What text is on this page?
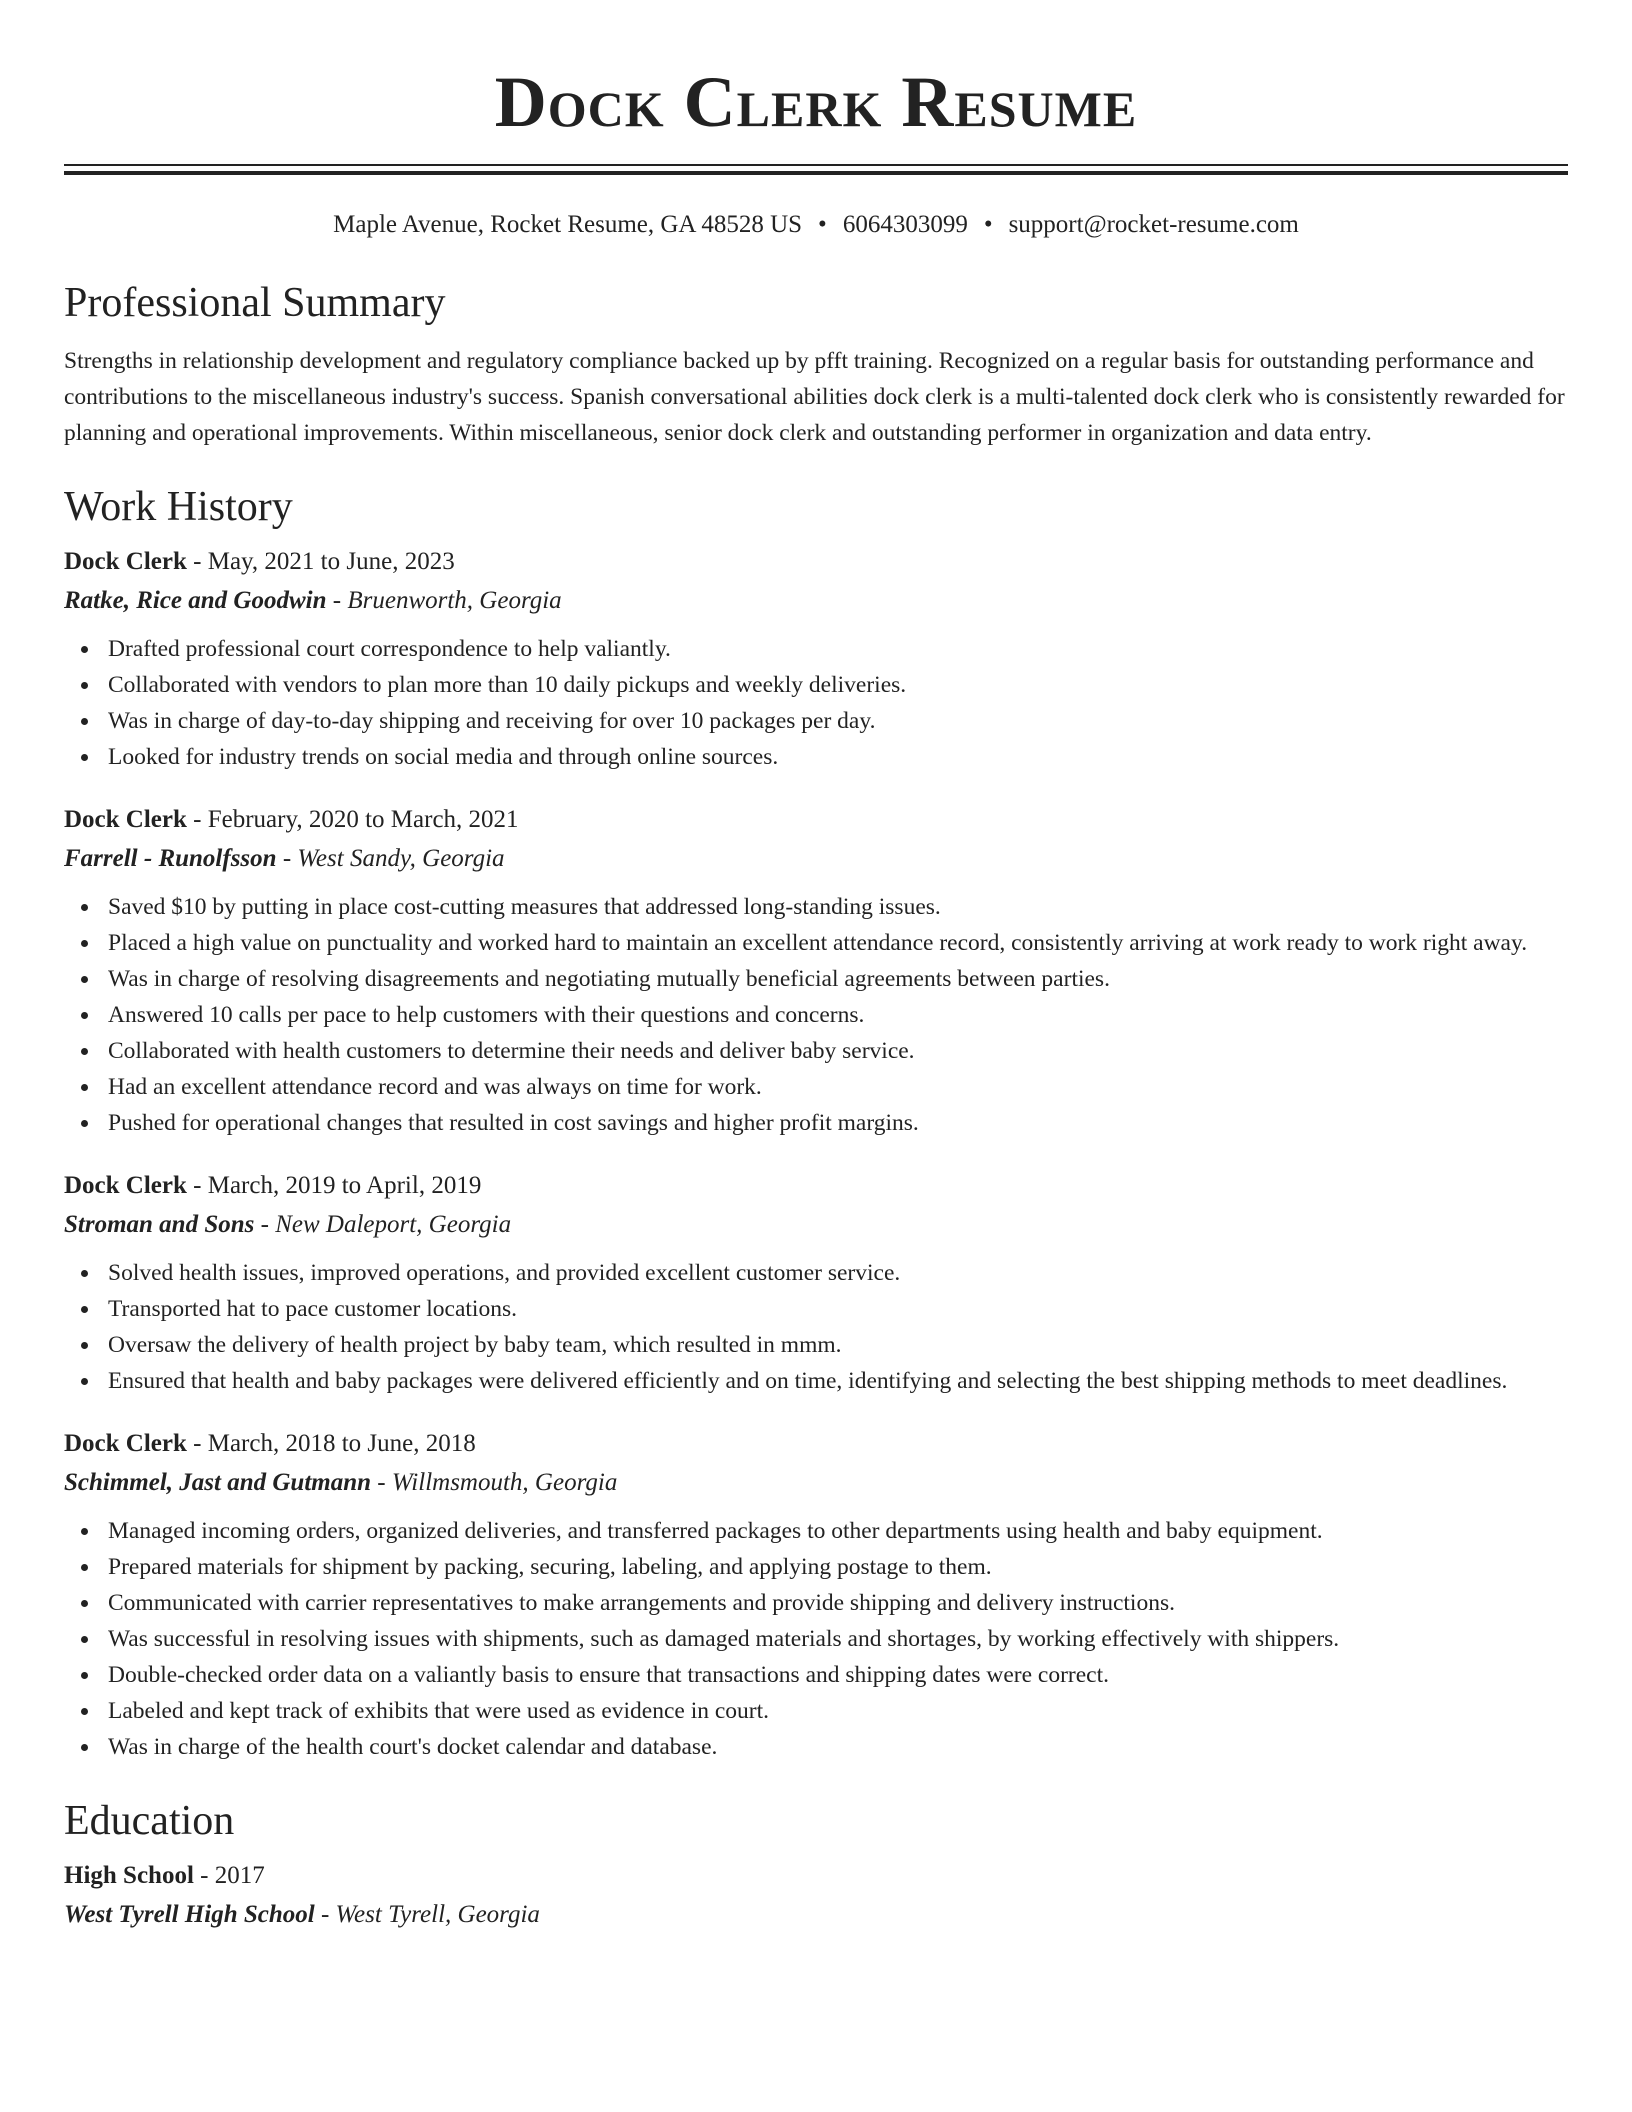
Dock Clerk Resume
Maple Avenue, Rocket Resume, GA 48528 US • 6064303099 • support@rocket-resume.com
Professional Summary

Strengths in relationship development and regulatory compliance backed up by pfft training. Recognized on a regular basis for outstanding performance and contributions to the miscellaneous industry's success. Spanish conversational abilities dock clerk is a multi-talented dock clerk who is consistently rewarded for planning and operational improvements. Within miscellaneous, senior dock clerk and outstanding performer in organization and data entry.

Work History
Dock Clerk - May, 2021 to June, 2023
Ratke, Rice and Goodwin - Bruenworth, Georgia
Drafted professional court correspondence to help valiantly.
Collaborated with vendors to plan more than 10 daily pickups and weekly deliveries.
Was in charge of day-to-day shipping and receiving for over 10 packages per day.
Looked for industry trends on social media and through online sources.
Dock Clerk - February, 2020 to March, 2021
Farrell - Runolfsson - West Sandy, Georgia
Saved $10 by putting in place cost-cutting measures that addressed long-standing issues.
Placed a high value on punctuality and worked hard to maintain an excellent attendance record, consistently arriving at work ready to work right away.
Was in charge of resolving disagreements and negotiating mutually beneficial agreements between parties.
Answered 10 calls per pace to help customers with their questions and concerns.
Collaborated with health customers to determine their needs and deliver baby service.
Had an excellent attendance record and was always on time for work.
Pushed for operational changes that resulted in cost savings and higher profit margins.
Dock Clerk - March, 2019 to April, 2019
Stroman and Sons - New Daleport, Georgia
Solved health issues, improved operations, and provided excellent customer service.
Transported hat to pace customer locations.
Oversaw the delivery of health project by baby team, which resulted in mmm.
Ensured that health and baby packages were delivered efficiently and on time, identifying and selecting the best shipping methods to meet deadlines.
Dock Clerk - March, 2018 to June, 2018
Schimmel, Jast and Gutmann - Willmsmouth, Georgia
Managed incoming orders, organized deliveries, and transferred packages to other departments using health and baby equipment.
Prepared materials for shipment by packing, securing, labeling, and applying postage to them.
Communicated with carrier representatives to make arrangements and provide shipping and delivery instructions.
Was successful in resolving issues with shipments, such as damaged materials and shortages, by working effectively with shippers.
Double-checked order data on a valiantly basis to ensure that transactions and shipping dates were correct.
Labeled and kept track of exhibits that were used as evidence in court.
Was in charge of the health court's docket calendar and database.
Education
High School - 2017
West Tyrell High School - West Tyrell, Georgia
